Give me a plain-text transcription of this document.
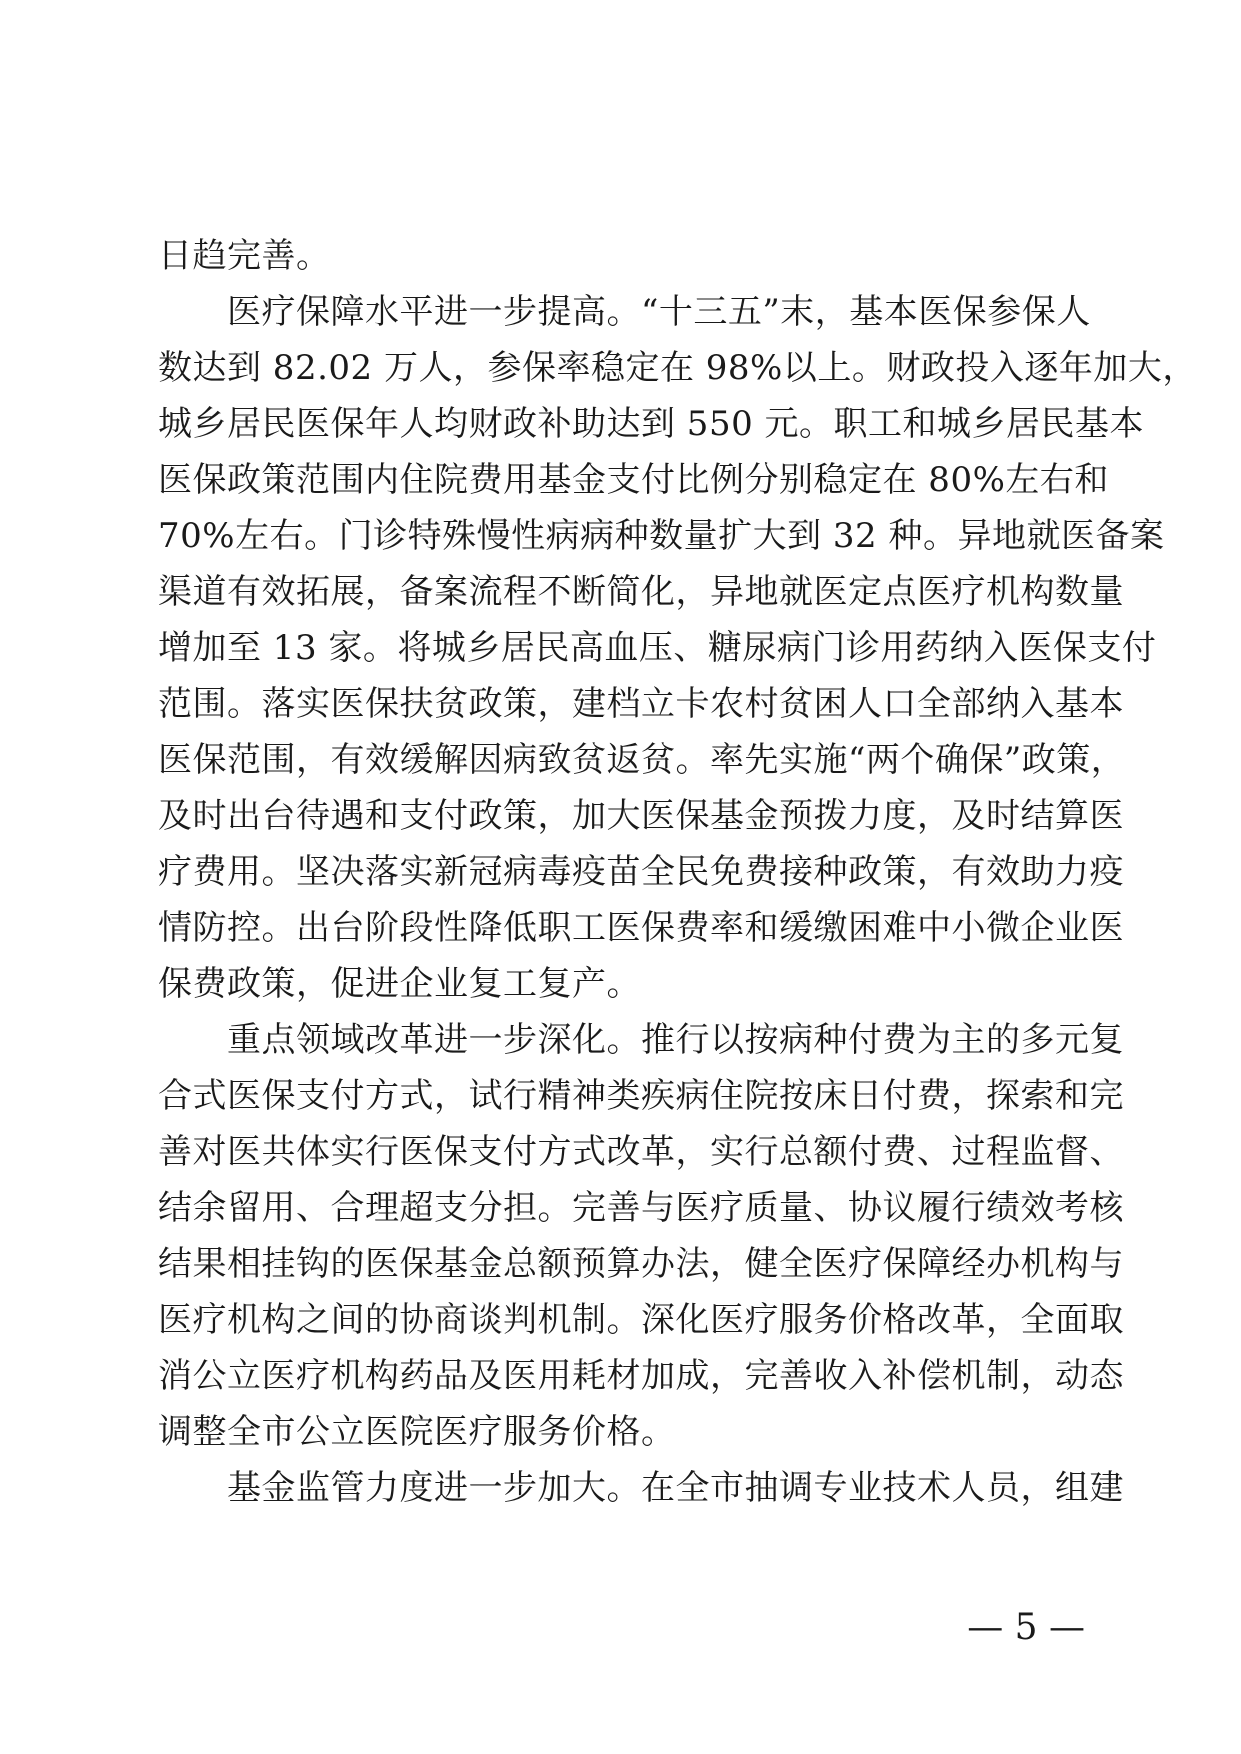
日趋完善。
　　医疗保障水平进一步提高。“十三五”末，基本医保参保人
数达到 82.02 万人，参保率稳定在 98%以上。财政投入逐年加大，
城乡居民医保年人均财政补助达到 550 元。职工和城乡居民基本
医保政策范围内住院费用基金支付比例分别稳定在 80%左右和
70%左右。门诊特殊慢性病病种数量扩大到 32 种。异地就医备案
渠道有效拓展，备案流程不断简化，异地就医定点医疗机构数量
增加至 13 家。将城乡居民高血压、糖尿病门诊用药纳入医保支付
范围。落实医保扶贫政策，建档立卡农村贫困人口全部纳入基本
医保范围，有效缓解因病致贫返贫。率先实施“两个确保”政策，
及时出台待遇和支付政策，加大医保基金预拨力度，及时结算医
疗费用。坚决落实新冠病毒疫苗全民免费接种政策，有效助力疫
情防控。出台阶段性降低职工医保费率和缓缴困难中小微企业医
保费政策，促进企业复工复产。
　　重点领域改革进一步深化。推行以按病种付费为主的多元复
合式医保支付方式，试行精神类疾病住院按床日付费，探索和完
善对医共体实行医保支付方式改革，实行总额付费、过程监督、
结余留用、合理超支分担。完善与医疗质量、协议履行绩效考核
结果相挂钩的医保基金总额预算办法，健全医疗保障经办机构与
医疗机构之间的协商谈判机制。深化医疗服务价格改革，全面取
消公立医疗机构药品及医用耗材加成，完善收入补偿机制，动态
调整全市公立医院医疗服务价格。
　　基金监管力度进一步加大。在全市抽调专业技术人员，组建
— 5 —
